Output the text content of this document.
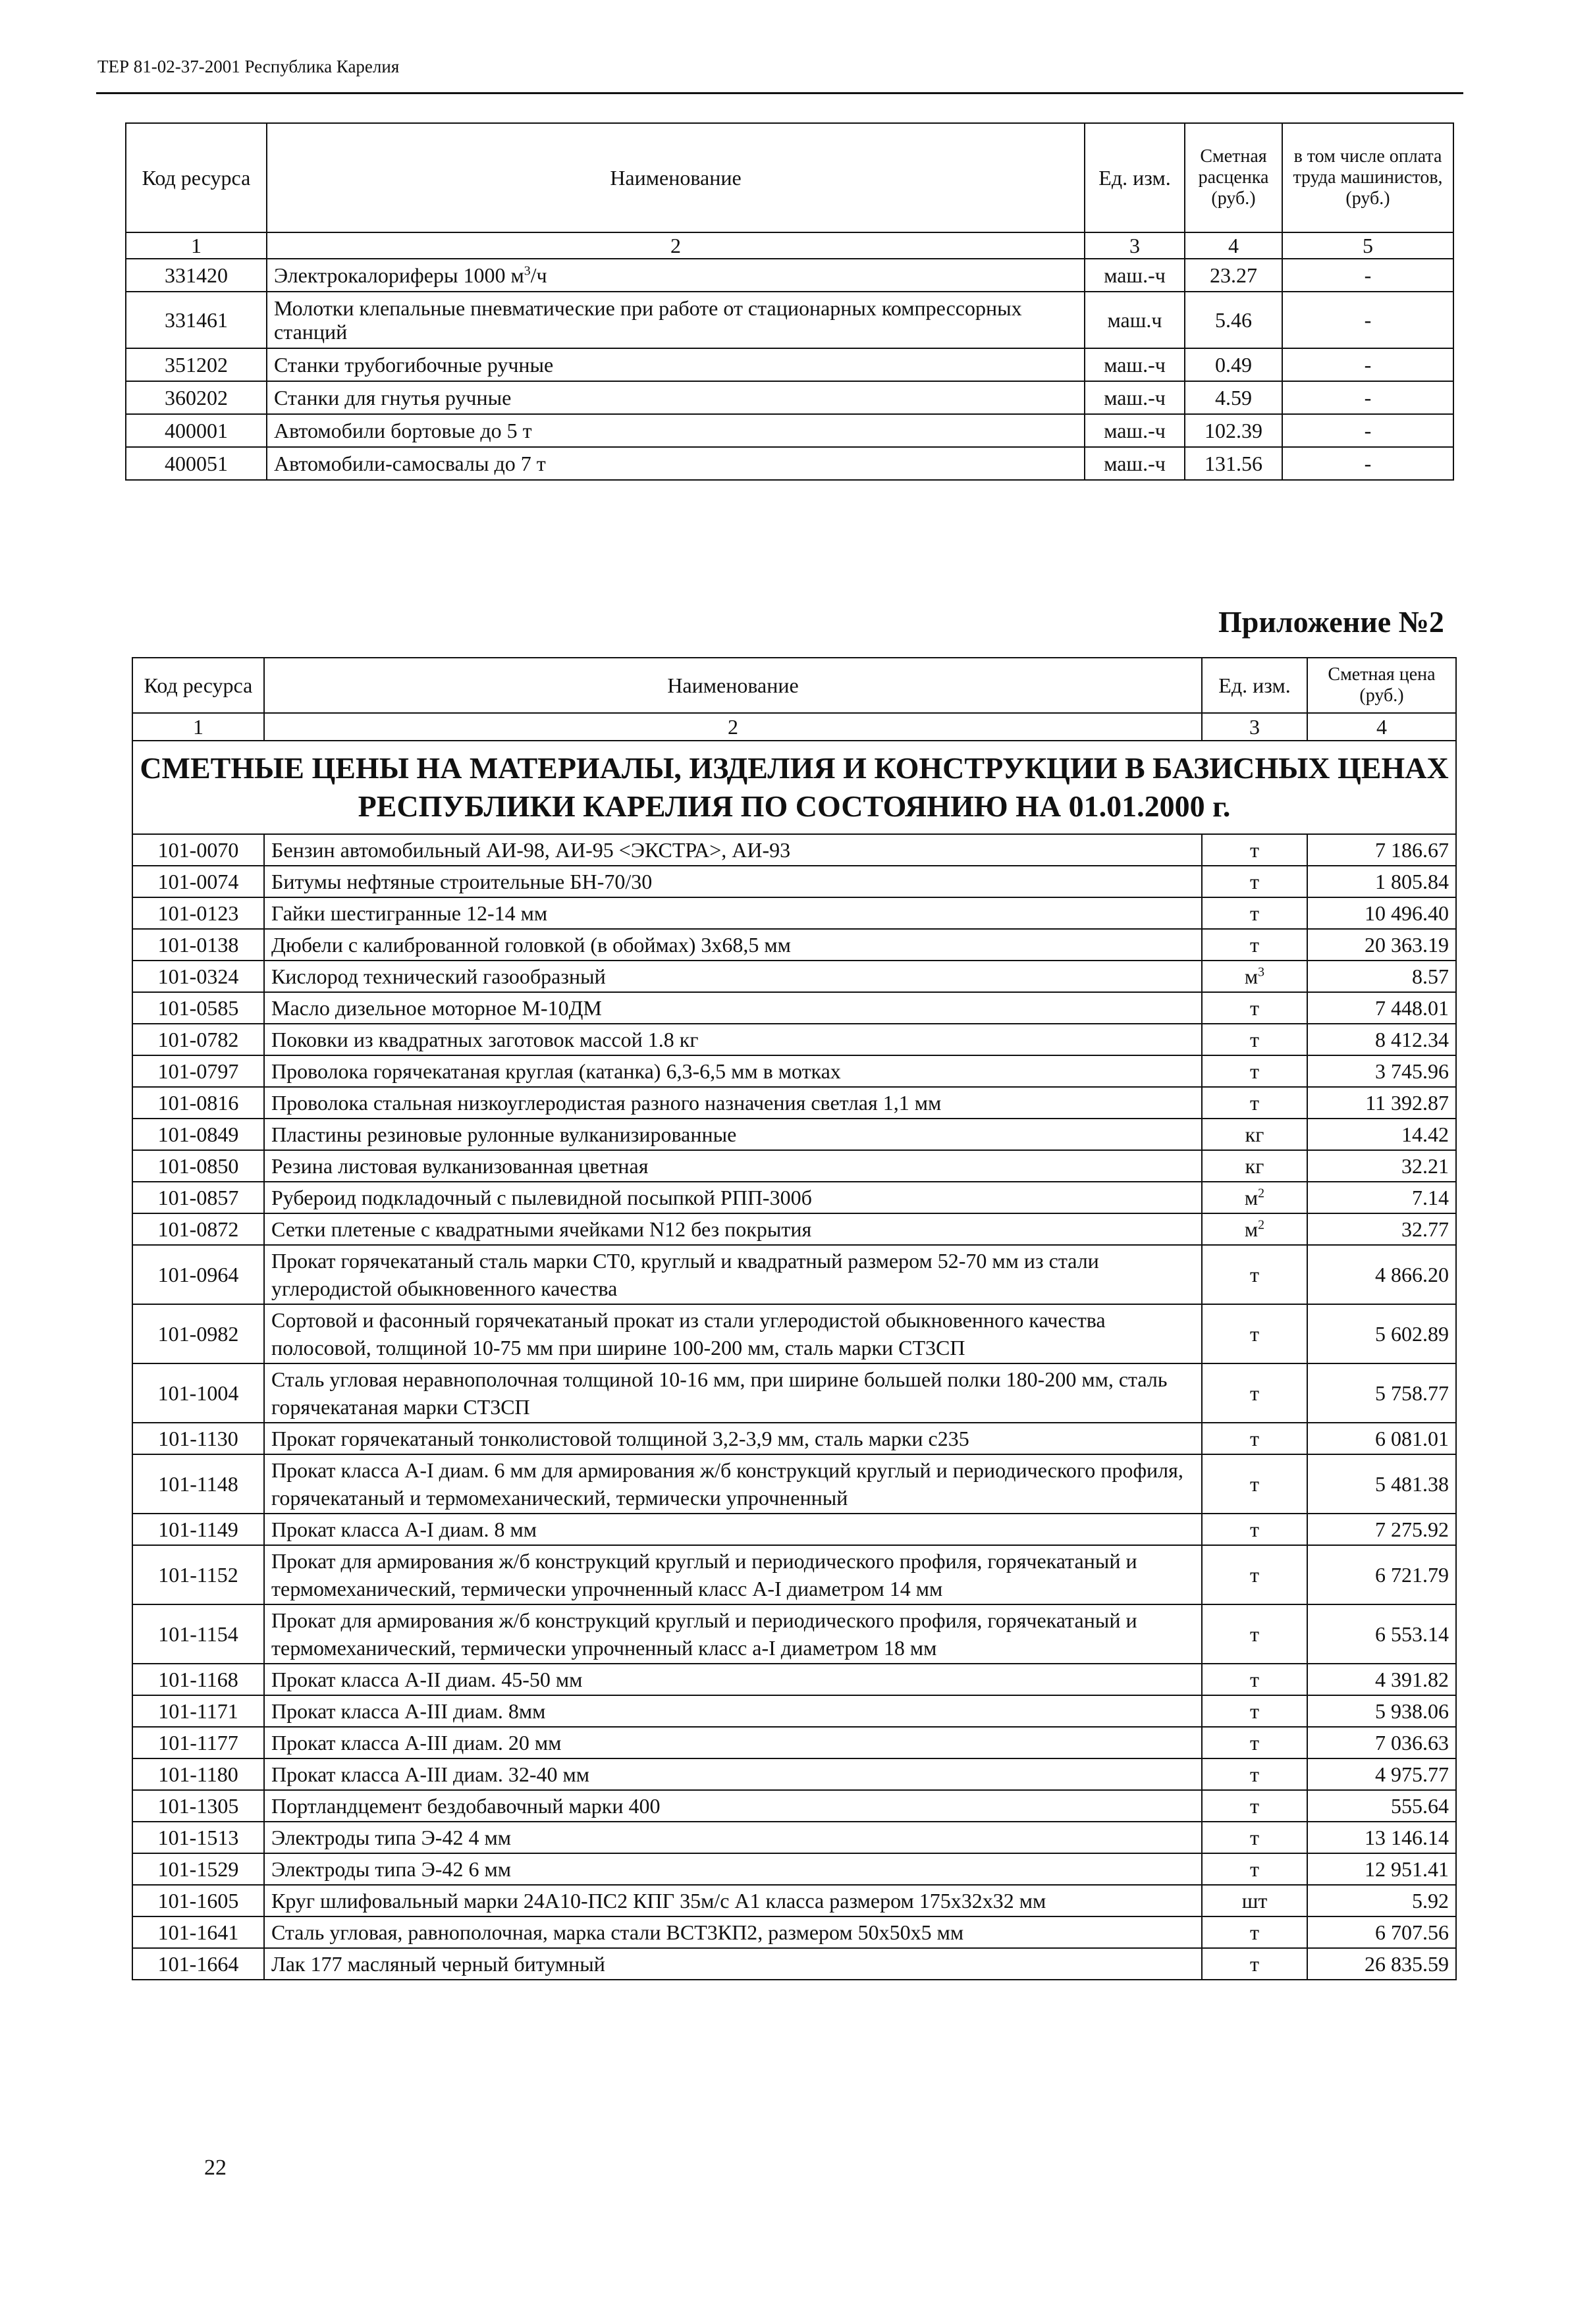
ТЕР 81-02-37-2001 Республика Карелия
Код ресурса	Наименование	Ед. изм.	Сметная расценка (руб.)	в том числе оплата труда машинистов, (руб.)
1	2	3	4	5
331420	Электрокалориферы 1000 $м^3/ч$	маш.-ч	23.27	-
331461	Молотки клепальные пневматические при работе от стационарных компрессорных станций	маш.ч	5.46	-
351202	Станки трубогибочные ручные	маш.-ч	0.49	-
360202	Станки для гнутья ручные	маш.-ч	4.59	-
400001	Автомобили бортовые до 5 т	маш.-ч	102.39	-
400051	Автомобили-самосвалы до 7 т	маш.-ч	131.56	-
Приложение №2
Код ресурса	Наименование	Ед. изм.	Сметная цена (руб.)
1	2	3	4
СМЕТНЫЕ ЦЕНЫ НА МАТЕРИАЛЫ, ИЗДЕЛИЯ И КОНСТРУКЦИИ В БАЗИСНЫХ ЦЕНАХ РЕСПУБЛИКИ КАРЕЛИЯ ПО СОСТОЯНИЮ НА 01.01.2000 г.			
101-0070	Бензин автомобильный АИ-98, АИ-95 <ЭКСТРА>, АИ-93	т	7 186.67
101-0074	Битумы нефтяные строительные БН-70/30	т	1 805.84
101-0123	Гайки шестигранные 12-14 мм	т	10 496.40
101-0138	Дюбели с калиброванной головкой (в обоймах) 3х68,5 мм	т	20 363.19
101-0324	Кислород технический газообразный	$м^3$	8.57
101-0585	Масло дизельное моторное М-10ДМ	т	7 448.01
101-0782	Поковки из квадратных заготовок массой 1.8 кг	т	8 412.34
101-0797	Проволока горячекатаная круглая (катанка) 6,3-6,5 мм в мотках	т	3 745.96
101-0816	Проволока стальная низкоуглеродистая разного назначения светлая 1,1 мм	т	11 392.87
101-0849	Пластины резиновые рулонные вулканизированные	кг	14.42
101-0850	Резина листовая вулканизованная цветная	кг	32.21
101-0857	Рубероид подкладочный с пылевидной посыпкой РПП-300б	$м^2$	7.14
101-0872	Сетки плетеные с квадратными ячейками N12 без покрытия	$м^2$	32.77
101-0964	Прокат горячекатаный сталь марки СТ0, круглый и квадратный размером 52-70 мм из стали углеродистой обыкновенного качества	т	4 866.20
101-0982	Сортовой и фасонный горячекатаный прокат из стали углеродистой обыкновенного качества полосовой, толщиной 10-75 мм при ширине 100-200 мм, сталь марки СТ3СП	т	5 602.89
101-1004	Сталь угловая неравнополочная толщиной 10-16 мм, при ширине большей полки 180-200 мм, сталь горячекатаная марки СТ3СП	т	5 758.77
101-1130	Прокат горячекатаный тонколистовой толщиной 3,2-3,9 мм, сталь марки с235	т	6 081.01
101-1148	Прокат класса А-I диам. 6 мм для армирования ж/б конструкций круглый и периодического профиля, горячекатаный и термомеханический, термически упрочненный	т	5 481.38
101-1149	Прокат класса А-I диам. 8 мм	т	7 275.92
101-1152	Прокат для армирования ж/б конструкций круглый и периодического профиля, горячекатаный и термомеханический, термически упрочненный класс А-I диаметром 14 мм	т	6 721.79
101-1154	Прокат для армирования ж/б конструкций круглый и периодического профиля, горячекатаный и термомеханический, термически упрочненный класс а-I диаметром 18 мм	т	6 553.14
101-1168	Прокат класса А-II диам. 45-50 мм	т	4 391.82
101-1171	Прокат класса А-III диам. 8мм	т	5 938.06
101-1177	Прокат класса А-III диам. 20 мм	т	7 036.63
101-1180	Прокат класса А-III диам. 32-40 мм	т	4 975.77
101-1305	Портландцемент бездобавочный марки 400	т	555.64
101-1513	Электроды типа Э-42 4 мм	т	13 146.14
101-1529	Электроды типа Э-42 6 мм	т	12 951.41
101-1605	Круг шлифовальный марки 24А10-ПС2 КПГ 35м/с А1 класса размером 175х32х32 мм	шт	5.92
101-1641	Сталь угловая, равнополочная, марка стали ВСТ3КП2, размером 50х50х5 мм	т	6 707.56
101-1664	Лак 177 масляный черный битумный	т	26 835.59
22
